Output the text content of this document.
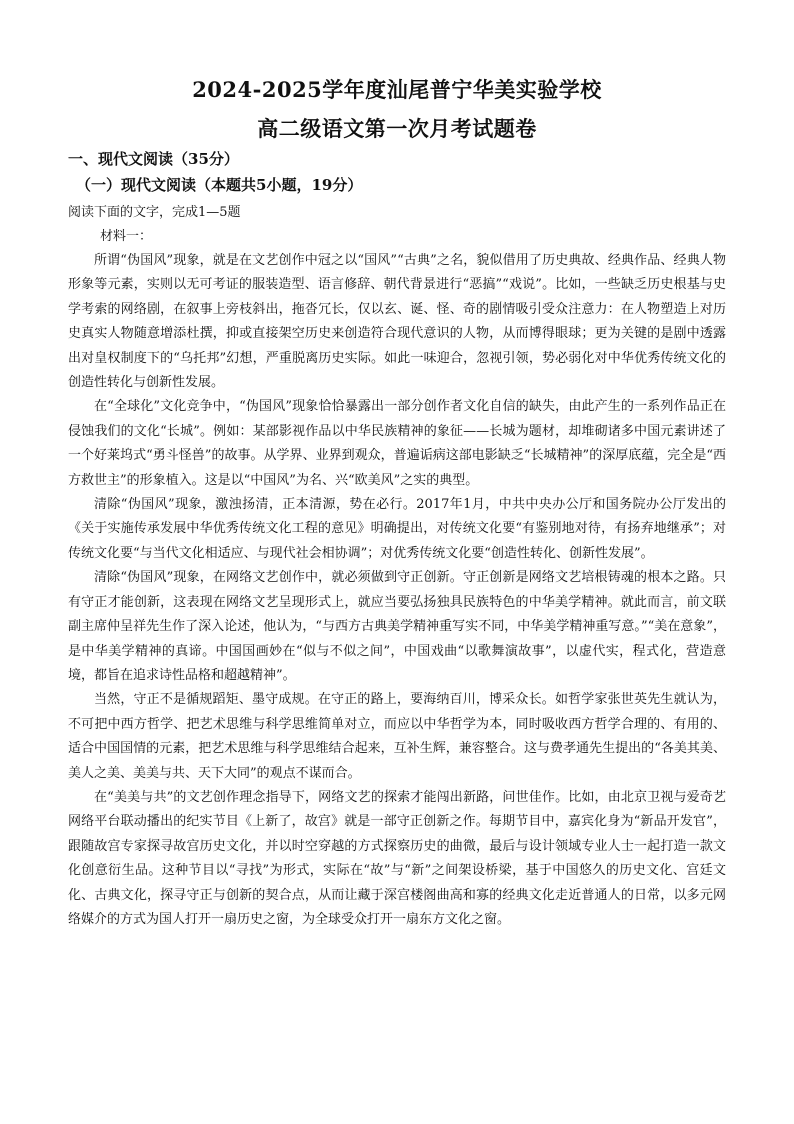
2024-2025学年度汕尾普宁华美实验学校
高二级语文第一次月考试题卷
一、现代文阅读（35分）
（一）现代文阅读（本题共5小题，19分）
阅读下面的文字，完成1—5题
材料一：

所谓“伪国风”现象，就是在文艺创作中冠之以“国风”“古典”之名，貌似借用了历史典故、经典作品、经典人物形象等元素，实则以无可考证的服装造型、语言修辞、朝代背景进行“恶搞”“戏说”。比如，一些缺乏历史根基与史学考索的网络剧，在叙事上旁枝斜出，拖沓冗长，仅以玄、诞、怪、奇的剧情吸引受众注意力：在人物塑造上对历史真实人物随意增添杜撰，抑或直接架空历史来创造符合现代意识的人物，从而博得眼球；更为关键的是剧中透露出对皇权制度下的“乌托邦”幻想，严重脱离历史实际。如此一味迎合，忽视引领，势必弱化对中华优秀传统文化的创造性转化与创新性发展。

在“全球化”文化竞争中，“伪国风”现象恰恰暴露出一部分创作者文化自信的缺失，由此产生的一系列作品正在侵蚀我们的文化“长城”。例如：某部影视作品以中华民族精神的象征——长城为题材，却堆砌诸多中国元素讲述了一个好莱坞式“勇斗怪兽”的故事。从学界、业界到观众，普遍诟病这部电影缺乏“长城精神”的深厚底蕴，完全是“西方救世主”的形象植入。这是以“中国风”为名、兴“欧美风”之实的典型。

清除“伪国风”现象，激浊扬清，正本清源，势在必行。2017年1月，中共中央办公厅和国务院办公厅发出的《关于实施传承发展中华优秀传统文化工程的意见》明确提出，对传统文化要“有鉴别地对待，有扬弃地继承”；对传统文化要“与当代文化相适应、与现代社会相协调”；对优秀传统文化要“创造性转化、创新性发展”。

清除“伪国风”现象，在网络文艺创作中，就必须做到守正创新。守正创新是网络文艺培根铸魂的根本之路。只有守正才能创新，这表现在网络文艺呈现形式上，就应当要弘扬独具民族特色的中华美学精神。就此而言，前文联副主席仲呈祥先生作了深入论述，他认为，“与西方古典美学精神重写实不同，中华美学精神重写意。”“美在意象”，是中华美学精神的真谛。中国国画妙在“似与不似之间”，中国戏曲“以歌舞演故事”，以虚代实，程式化，营造意境，都旨在追求诗性品格和超越精神”。

当然，守正不是循规蹈矩、墨守成规。在守正的路上，要海纳百川，博采众长。如哲学家张世英先生就认为，不可把中西方哲学、把艺术思维与科学思维简单对立，而应以中华哲学为本，同时吸收西方哲学合理的、有用的、适合中国国情的元素，把艺术思维与科学思维结合起来，互补生辉，兼容整合。这与费孝通先生提出的“各美其美、美人之美、美美与共、天下大同”的观点不谋而合。

在“美美与共”的文艺创作理念指导下，网络文艺的探索才能闯出新路，问世佳作。比如，由北京卫视与爱奇艺网络平台联动播出的纪实节目《上新了，故宫》就是一部守正创新之作。每期节目中，嘉宾化身为“新品开发官”，跟随故宫专家探寻故宫历史文化，并以时空穿越的方式探察历史的曲微，最后与设计领域专业人士一起打造一款文化创意衍生品。这种节目以“寻找”为形式，实际在“故”与“新”之间架设桥梁，基于中国悠久的历史文化、宫廷文化、古典文化，探寻守正与创新的契合点，从而让藏于深宫楼阁曲高和寡的经典文化走近普通人的日常，以多元网络媒介的方式为国人打开一扇历史之窗，为全球受众打开一扇东方文化之窗。
